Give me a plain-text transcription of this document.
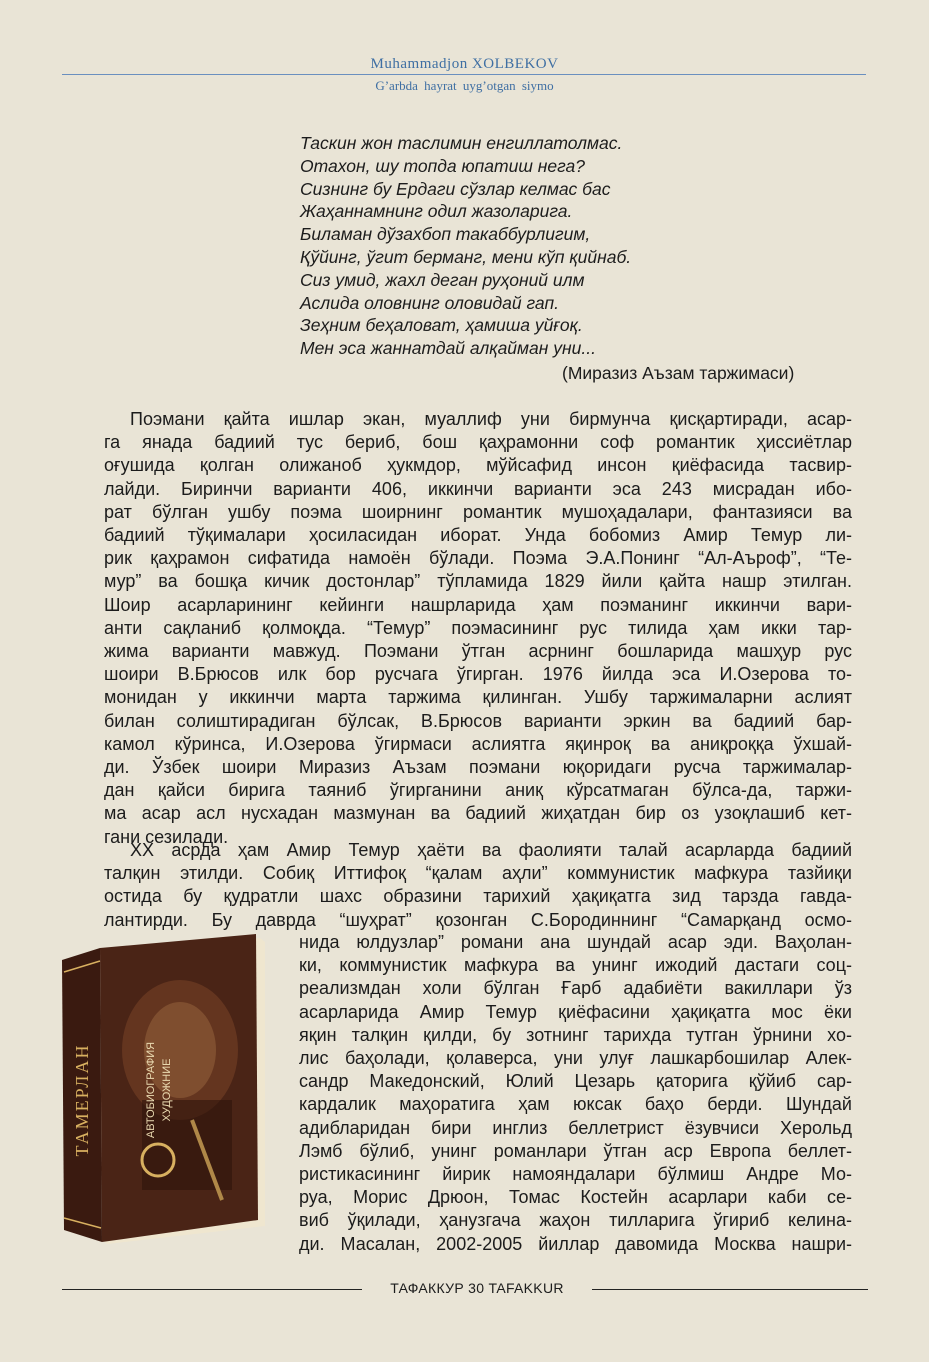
Muhammadjon XOLBEKOV
G’arbda hayrat uyg’otgan siymo
Таскин жон таслимин енгиллатолмас.
Отахон, шу топда юпатиш нега?
Сизнинг бу Ердаги сўзлар келмас бас
Жаҳаннамнинг одил жазоларига.
Биламан дўзахбоп такаббурлигим,
Қўйинг, ўгит берманг, мени кўп қийнаб.
Сиз умид, жахл деган руҳоний илм
Аслида оловнинг оловидай гап.
Зеҳним беҳаловат, ҳамиша уйғоқ.
Мен эса жаннатдай алқайман уни...
(Миразиз Аъзам таржимаси)
Поэмани қайта ишлар экан, муаллиф уни бирмунча қисқартиради, асар-
га янада бадиий тус бериб, бош қаҳрамонни соф романтик ҳиссиётлар
оғушида қолган олижаноб ҳукмдор, мўйсафид инсон қиёфасида тасвир-
лайди. Биринчи варианти 406, иккинчи варианти эса 243 мисрадан ибо-
рат бўлган ушбу поэма шоирнинг романтик мушоҳадалари, фантазияси ва
бадиий тўқималари ҳосиласидан иборат. Унда бобомиз Амир Темур ли-
рик қаҳрамон сифатида намоён бўлади. Поэма Э.А.Понинг “Ал-Аъроф”, “Те-
мур” ва бошқа кичик достонлар” тўпламида 1829 йили қайта нашр этилган.
Шоир асарларининг кейинги нашрларида ҳам поэманинг иккинчи вари-
анти сақланиб қолмоқда. “Темур” поэмасининг рус тилида ҳам икки тар-
жима варианти мавжуд. Поэмани ўтган асрнинг бошларида машҳур рус
шоири В.Брюсов илк бор русчага ўгирган. 1976 йилда эса И.Озерова то-
монидан у иккинчи марта таржима қилинган. Ушбу таржималарни аслият
билан солиштирадиган бўлсак, В.Брюсов варианти эркин ва бадиий бар-
камол кўринса, И.Озерова ўгирмаси аслиятга яқинроқ ва аниқроққа ўхшай-
ди. Ўзбек шоири Миразиз Аъзам поэмани юқоридаги русча таржималар-
дан қайси бирига таяниб ўгирганини аниқ кўрсатмаган бўлса-да, таржи-
ма асар асл нусхадан мазмунан ва бадиий жиҳатдан бир оз узоқлашиб кет-
гани сезилади.
XX асрда ҳам Амир Темур ҳаёти ва фаолияти талай асарларда бадиий
талқин этилди. Собиқ Иттифоқ “қалам аҳли” коммунистик мафкура тазйиқи
остида бу қудратли шахс образини тарихий ҳақиқатга зид тарзда гавда-
лантирди. Бу даврда “шуҳрат” қозонган С.Бородиннинг “Самарқанд осмо-
нида юлдузлар” романи ана шундай асар эди. Ваҳолан-
ки, коммунистик мафкура ва унинг ижодий дастаги соц-
реализмдан холи бўлган Ғарб адабиёти вакиллари ўз
асарларида Амир Темур қиёфасини ҳақиқатга мос ёки
яқин талқин қилди, бу зотнинг тарихда тутган ўрнини хо-
лис баҳолади, қолаверса, уни улуғ лашкарбошилар Алек-
сандр Македонский, Юлий Цезарь қаторига қўйиб сар-
кардалик маҳоратига ҳам юксак баҳо берди. Шундай
адибларидан бири инглиз беллетрист ёзувчиси Херольд
Лэмб бўлиб, унинг романлари ўтган аср Европа беллет-
ристикасининг йирик намояндалари бўлмиш Андре Мо-
руа, Морис Дрюон, Томас Костейн асарлари каби се-
виб ўқилади, ҳанузгача жаҳон тилларига ўгириб келина-
ди. Масалан, 2002-2005 йиллар давомида Москва нашри-
ТАМЕРЛАН	АВТОБИОГРАФИЯ ХУДОЖНИЕ
ТАФАККУР 30 TAFAKKUR
